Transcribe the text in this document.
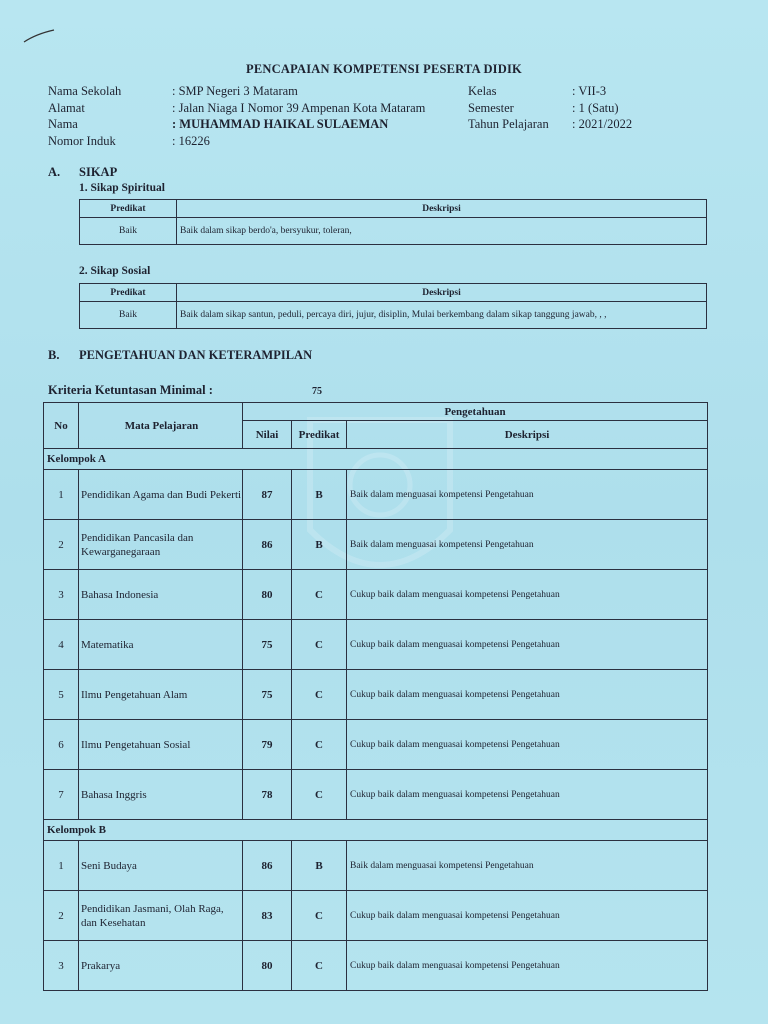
PENCAPAIAN KOMPETENSI PESERTA DIDIK
Nama Sekolah	: SMP Negeri 3 Mataram
Alamat	: Jalan Niaga I Nomor 39 Ampenan Kota Mataram
Nama	: MUHAMMAD HAIKAL SULAEMAN
Nomor Induk	: 16226
Kelas	: VII-3
Semester	: 1 (Satu)
Tahun Pelajaran	: 2021/2022
A. SIKAP
1. Sikap Spiritual
Predikat	Deskripsi
Baik	Baik dalam sikap berdo'a, bersyukur, toleran,
2. Sikap Sosial
Predikat	Deskripsi
Baik	Baik dalam sikap santun, peduli, percaya diri, jujur, disiplin, Mulai berkembang dalam sikap tanggung jawab, , ,
B. PENGETAHUAN DAN KETERAMPILAN
Kriteria Ketuntasan Minimal :	75
No	Mata Pelajaran	Pengetahuan		
		Nilai	Predikat	Deskripsi
Kelompok A				
1	Pendidikan Agama dan Budi Pekerti	87	B	Baik dalam menguasai kompetensi Pengetahuan
2	Pendidikan Pancasila dan Kewarganegaraan	86	B	Baik dalam menguasai kompetensi Pengetahuan
3	Bahasa Indonesia	80	C	Cukup baik dalam menguasai kompetensi Pengetahuan
4	Matematika	75	C	Cukup baik dalam menguasai kompetensi Pengetahuan
5	Ilmu Pengetahuan Alam	75	C	Cukup baik dalam menguasai kompetensi Pengetahuan
6	Ilmu Pengetahuan Sosial	79	C	Cukup baik dalam menguasai kompetensi Pengetahuan
7	Bahasa Inggris	78	C	Cukup baik dalam menguasai kompetensi Pengetahuan
Kelompok B				
1	Seni Budaya	86	B	Baik dalam menguasai kompetensi Pengetahuan
2	Pendidikan Jasmani, Olah Raga, dan Kesehatan	83	C	Cukup baik dalam menguasai kompetensi Pengetahuan
3	Prakarya	80	C	Cukup baik dalam menguasai kompetensi Pengetahuan
